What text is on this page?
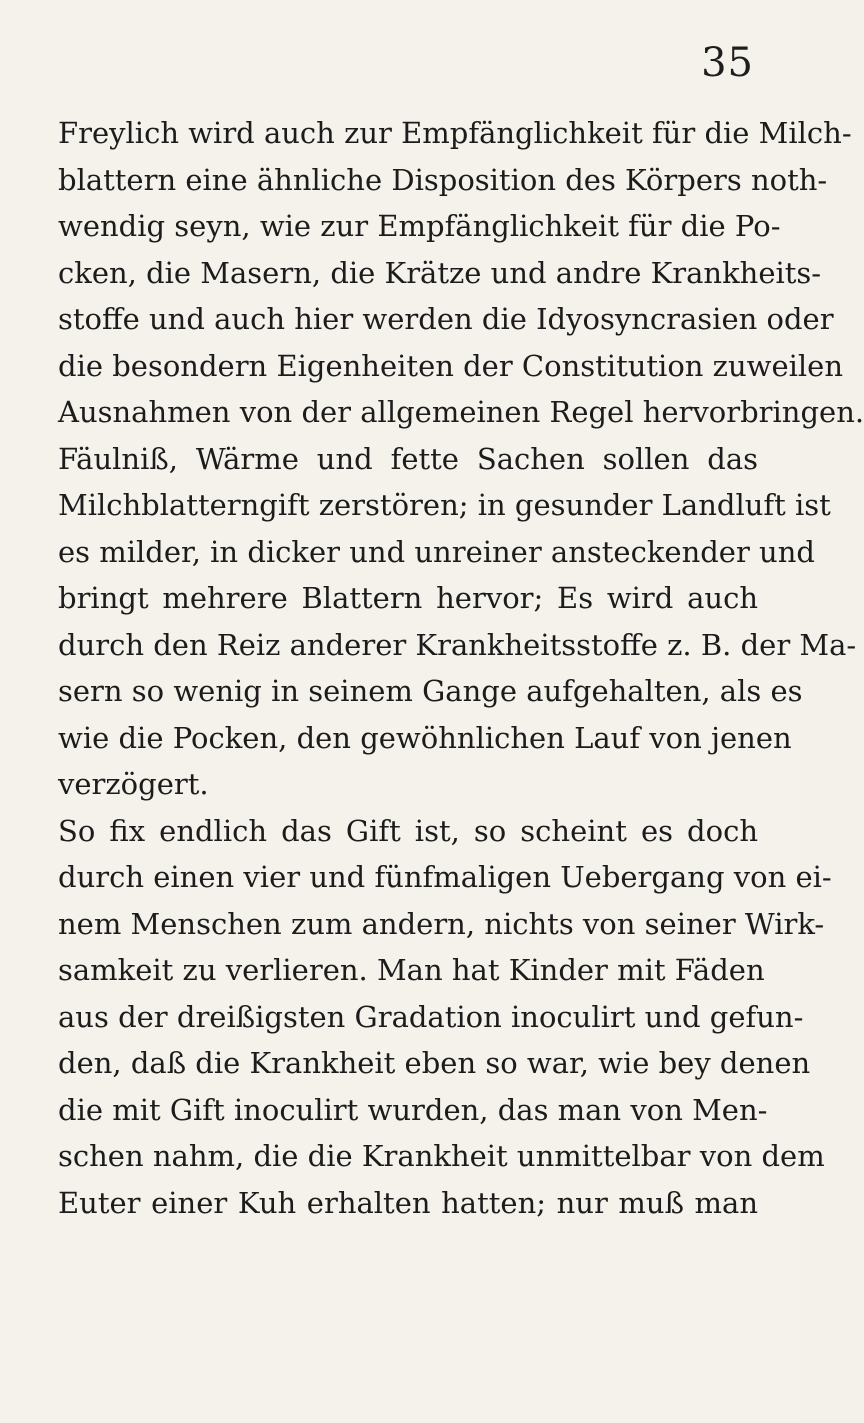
35
Freylich wird auch zur Empfänglichkeit für die Milch-
blattern eine ähnliche Disposition des Körpers noth-
wendig seyn, wie zur Empfänglichkeit für die Po-
cken, die Masern, die Krätze und andre Krankheits-
stoffe und auch hier werden die Idyosyncrasien oder
die besondern Eigenheiten der Constitution zuweilen
Ausnahmen von der allgemeinen Regel hervorbringen.
Fäulniß, Wärme und fette Sachen sollen das
Milchblatterngift zerstören; in gesunder Landluft ist
es milder, in dicker und unreiner ansteckender und
bringt mehrere Blattern hervor; Es wird auch
durch den Reiz anderer Krankheitsstoffe z. B. der Ma-
sern so wenig in seinem Gange aufgehalten, als es
wie die Pocken, den gewöhnlichen Lauf von jenen
verzögert.
So fix endlich das Gift ist, so scheint es doch
durch einen vier und fünfmaligen Uebergang von ei-
nem Menschen zum andern, nichts von seiner Wirk-
samkeit zu verlieren. Man hat Kinder mit Fäden
aus der dreißigsten Gradation inoculirt und gefun-
den, daß die Krankheit eben so war, wie bey denen
die mit Gift inoculirt wurden, das man von Men-
schen nahm, die die Krankheit unmittelbar von dem
Euter einer Kuh erhalten hatten; nur muß man
